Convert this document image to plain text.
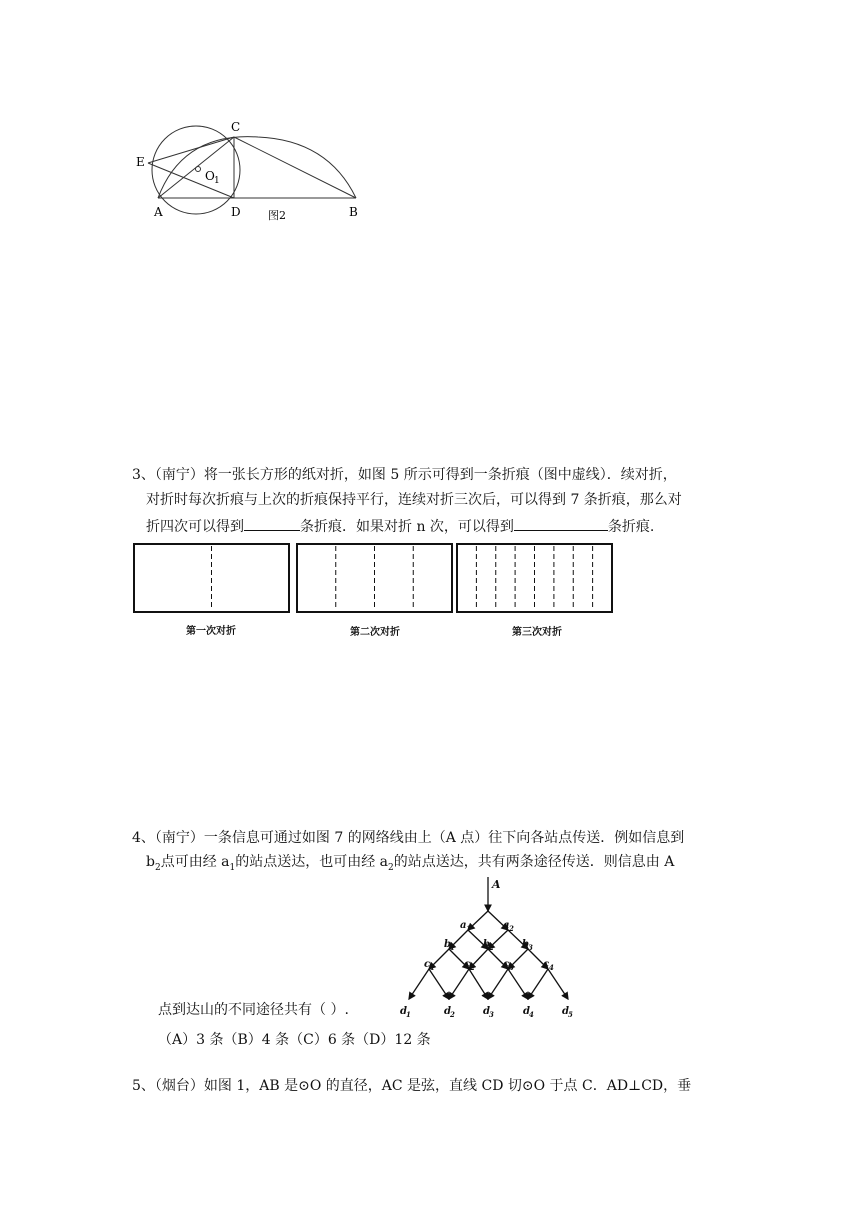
C
E
O 1
A	D	B
图2
3、（南宁）将一张长方形的纸对折，如图 5 所示可得到一条折痕（图中虚线）．续对折，
对折时每次折痕与上次的折痕保持平行，连续对折三次后，可以得到 7 条折痕，那么对
折四次可以得到	条折痕．如果对折 n 次，可以得到	条折痕.
第一次对折	第二次对折	第三次对折
4、（南宁）一条信息可通过如图 7 的网络线由上（A 点）往下向各站点传送．例如信息到
$b_2$点可由经 $a_1$的站点送达，也可由经 $a_2$的站点送达，共有两条途径传送．则信息由 A
点到达山的不同途径共有（ ）.
（A）3 条（B）4 条（C）6 条（D）12 条
A
a 1	a 2
b 1	b 2	b 3
c 1	c 2	c 3	c 4
d 1	d 2	d 3	d 4	d 5
5、（烟台）如图 1，AB 是⊙O 的直径，AC 是弦，直线 CD 切⊙O 于点 C．AD⊥CD，垂
